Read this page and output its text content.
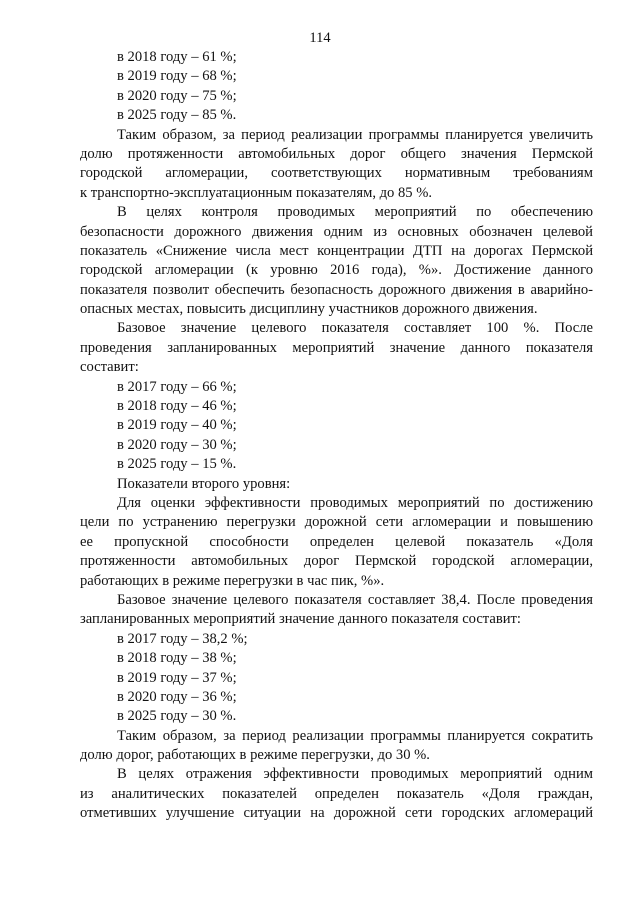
114
в 2018 году – 61 %;
в 2019 году – 68 %;
в 2020 году – 75 %;
в 2025 году – 85 %.
Таким образом, за период реализации программы планируется увеличить
долю протяженности автомобильных дорог общего значения Пермской
городской агломерации, соответствующих нормативным требованиям
к транспортно-эксплуатационным показателям, до 85 %.
В целях контроля проводимых мероприятий по обеспечению
безопасности дорожного движения одним из основных обозначен целевой
показатель «Снижение числа мест концентрации ДТП на дорогах Пермской
городской агломерации (к уровню 2016 года), %». Достижение данного
показателя позволит обеспечить безопасность дорожного движения в аварийно-
опасных местах, повысить дисциплину участников дорожного движения.
Базовое значение целевого показателя составляет 100 %. После
проведения запланированных мероприятий значение данного показателя
составит:
в 2017 году – 66 %;
в 2018 году – 46 %;
в 2019 году – 40 %;
в 2020 году – 30 %;
в 2025 году – 15 %.
Показатели второго уровня:
Для оценки эффективности проводимых мероприятий по достижению
цели по устранению перегрузки дорожной сети агломерации и повышению
ее пропускной способности определен целевой показатель «Доля
протяженности автомобильных дорог Пермской городской агломерации,
работающих в режиме перегрузки в час пик, %».
Базовое значение целевого показателя составляет 38,4. После проведения
запланированных мероприятий значение данного показателя составит:
в 2017 году – 38,2 %;
в 2018 году – 38 %;
в 2019 году – 37 %;
в 2020 году – 36 %;
в 2025 году – 30 %.
Таким образом, за период реализации программы планируется сократить
долю дорог, работающих в режиме перегрузки, до 30 %.
В целях отражения эффективности проводимых мероприятий одним
из аналитических показателей определен показатель «Доля граждан,
отметивших улучшение ситуации на дорожной сети городских агломераций
